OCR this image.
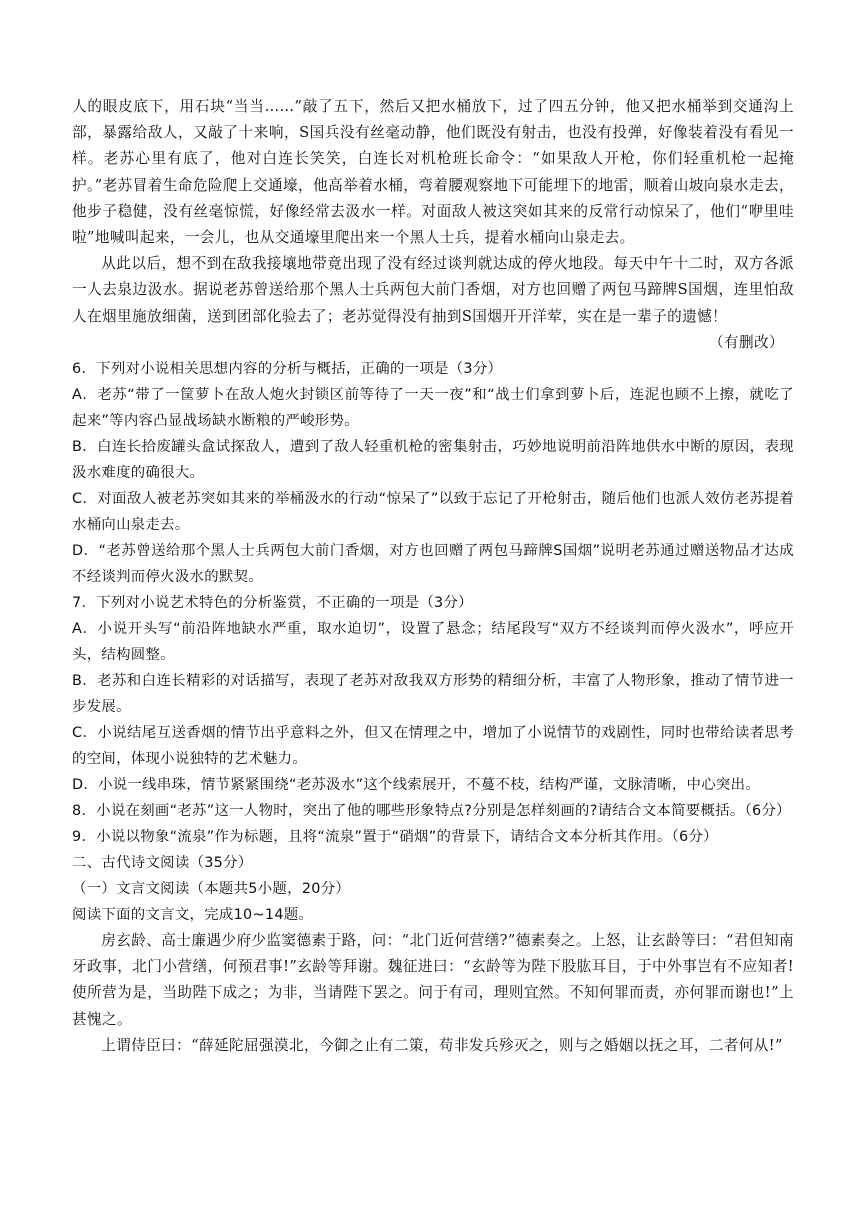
人的眼皮底下，用石块“当当……”敲了五下，然后又把水桶放下，过了四五分钟，他又把水桶举到交通沟上部，暴露给敌人，又敲了十来响，S国兵没有丝毫动静，他们既没有射击，也没有投弹，好像装着没有看见一样。老苏心里有底了，他对白连长笑笑，白连长对机枪班长命令：“如果敌人开枪，你们轻重机枪一起掩护。”老苏冒着生命危险爬上交通壕，他高举着水桶，弯着腰观察地下可能埋下的地雷，顺着山坡向泉水走去，他步子稳健，没有丝毫惊慌，好像经常去汲水一样。对面敌人被这突如其来的反常行动惊呆了，他们“咿里哇啦”地喊叫起来，一会儿，也从交通壕里爬出来一个黑人士兵，提着水桶向山泉走去。

从此以后，想不到在敌我接壤地带竟出现了没有经过谈判就达成的停火地段。每天中午十二时，双方各派一人去泉边汲水。据说老苏曾送给那个黑人士兵两包大前门香烟，对方也回赠了两包马蹄牌S国烟，连里怕敌人在烟里施放细菌，送到团部化验去了；老苏觉得没有抽到S国烟开开洋荤，实在是一辈子的遗憾！

（有删改）

6．下列对小说相关思想内容的分析与概括，正确的一项是（3分）

A．老苏“带了一筐萝卜在敌人炮火封锁区前等待了一天一夜”和“战士们拿到萝卜后，连泥也顾不上擦，就吃了起来”等内容凸显战场缺水断粮的严峻形势。

B．白连长拾废罐头盒试探敌人，遭到了敌人轻重机枪的密集射击，巧妙地说明前沿阵地供水中断的原因，表现汲水难度的确很大。

C．对面敌人被老苏突如其来的举桶汲水的行动“惊呆了”以致于忘记了开枪射击，随后他们也派人效仿老苏提着水桶向山泉走去。

D．“老苏曾送给那个黑人士兵两包大前门香烟，对方也回赠了两包马蹄牌S国烟”说明老苏通过赠送物品才达成不经谈判而停火汲水的默契。

7．下列对小说艺术特色的分析鉴赏，不正确的一项是（3分）

A．小说开头写“前沿阵地缺水严重，取水迫切”，设置了悬念；结尾段写“双方不经谈判而停火汲水”，呼应开头，结构圆整。

B．老苏和白连长精彩的对话描写，表现了老苏对敌我双方形势的精细分析，丰富了人物形象，推动了情节进一步发展。

C．小说结尾互送香烟的情节出乎意料之外，但又在情理之中，增加了小说情节的戏剧性，同时也带给读者思考的空间，体现小说独特的艺术魅力。

D．小说一线串珠，情节紧紧围绕“老苏汲水”这个线索展开，不蔓不枝，结构严谨，文脉清晰，中心突出。

8．小说在刻画“老苏”这一人物时，突出了他的哪些形象特点?分别是怎样刻画的?请结合文本简要概括。（6分）

9．小说以物象“流泉”作为标题，且将“流泉”置于“硝烟”的背景下，请结合文本分析其作用。（6分）

二、古代诗文阅读（35分）

（一）文言文阅读（本题共5小题，20分）

阅读下面的文言文，完成10~14题。

房玄龄、高士廉遇少府少监窦德素于路，问：“北门近何营缮?”德素奏之。上怒，让玄龄等曰：“君但知南牙政事，北门小营缮，何预君事!”玄龄等拜谢。魏征进曰：“玄龄等为陛下股肱耳目，于中外事岂有不应知者!使所营为是，当助陛下成之；为非，当请陛下罢之。问于有司，理则宜然。不知何罪而责，亦何罪而谢也!”上甚愧之。

上谓侍臣曰：“薛延陀屈强漠北，今御之止有二策，苟非发兵殄灭之，则与之婚姻以抚之耳，二者何从!”
